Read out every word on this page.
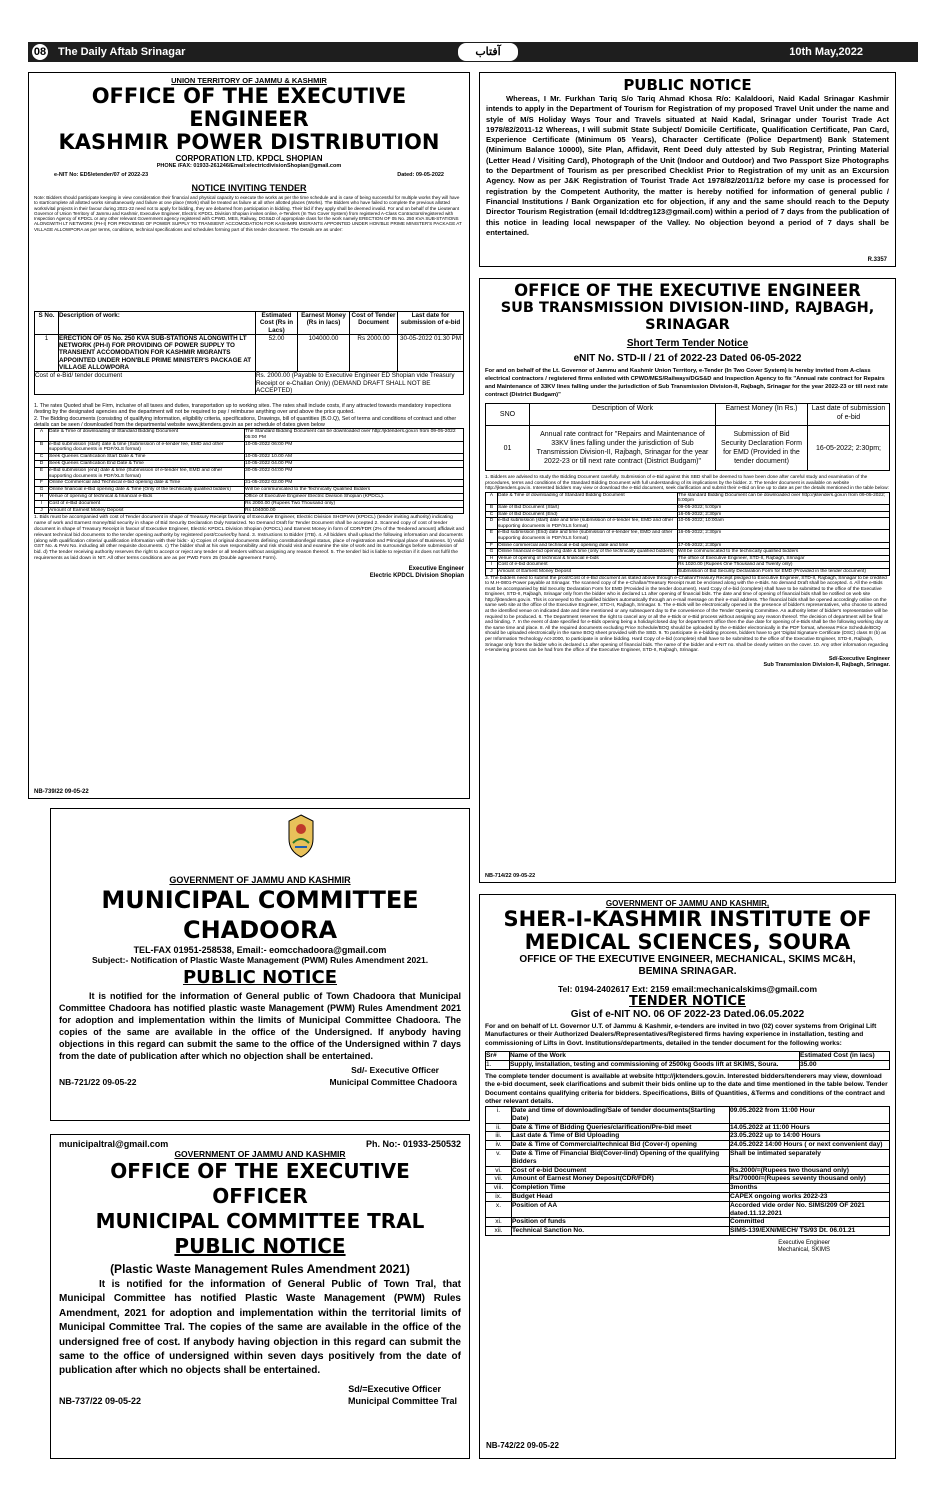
08	The Daily Aftab Srinagar	آفتاب	10th May,2022
UNION TERRITORY OF JAMMU & KASHMIR
OFFICE OF THE EXECUTIVE ENGINEER
KASHMIR POWER DISTRIBUTION
CORPORATION LTD. KPDCL SHOPIAN
PHONE /FAX: 01933-261246/Email:electricdivisionShopian@gmail.com
e-NIT No: ED5/etender/07 of 2022-23	Dated: 09-05-2022
NOTICE INVITING TENDER
Note: Bidders should participate keeping in view consideration their financial and physical capacity to execute the works as per the time schedule and in case of being successful for multiple works they will have to start/complete all allotted works simultaneously and failure at one place (Work) shall be treated as failure at all other allotted places (Works). The Bidders who have failed to complete the previous allotted works/vital projects in their favour during 2021-22 need not to apply for bidding, they are debarred from participation in bidding. Their bid if they apply shall be deemed invalid. For and on behalf of the Lieutenant Governor of Union Territory of Jammu and Kashmir, Executive Engineer, Electric KPDCL Division Shopian invites online, e-Tenders (In Two Cover System) from registered A-Class Contractors/registered with Inspection Agency of KPDCL or any other relevant Government agency registered with CPWD, MES, Railway, DGS&D of appropriate class for the work namely ERECTION OF 05 No. 250 KVA SUB-STATIONS ALONGWITH LT NETWORK (PH-I) FOR PROVIDING OF POWER SUPPLY TO TRANSIENT ACCOMODATION FOR KASHMIRI MIGRANTS APPOINTED UNDER HON'BLE PRIME MINISTER'S PACKAGE AT VILLAGE ALLOWPORA as per terms, conditions, technical specifications and schedules forming part of this tender document. The Details are as under:
S No.	Description of work:	Estimated Cost (Rs in Lacs)	Earnest Money (Rs in lacs)	Cost of Tender Document	Last date for submission of e-bid
1	ERECTION OF 05 No. 250 KVA SUB-STATIONS ALONGWITH LT NETWORK (PH-I) FOR PROVIDING OF POWER SUPPLY TO TRANSIENT ACCOMODATION FOR KASHMIR MIGRANTS APPOINTED UNDER HON'BLE PRIME MINISTER'S PACKAGE AT VILLAGE ALLOWPORA	52.00	104000.00	Rs 2000.00	30-05-2022 01.30 PM
Cost of e-Bid/ tender document		Rs. 2000.00 (Payable to Executive Engineer ED Shopian vide Treasury Receipt or e-Challan Only) (DEMAND DRAFT SHALL NOT BE ACCEPTED)			
1. The rates Quoted shall be Firm, inclusive of all taxes and duties, transportation up to working sites. The rates shall include costs, if any attracted towards mandatory inspections /testing by the designated agencies and the department will not be required to pay / reimburse anything over and above the price quoted.
2. The Bidding documents (consisting of qualifying information, eligibility criteria, specifications, Drawings, bill of quantities (B.O.Q), Set of terms and conditions of contract and other details can be seen / downloaded from the departmental website www.jktenders.gov.in as per schedule of dates given below
A	Date & Time of downloading of Standard Bidding Document	The Standard Bidding Document can be downloaded over http://jktenders.gov.in from 09-05-2022 05:00 PM
B	e-Bid submission (start) date & time (Submission of e-tender fee, EMD and other supporting documents in PDF/XLS format)	10-05-2022 06:00 PM
C	Seek Queries Clarification Start Date & Time	10-05-2022 10.00 AM
D	Seek Queries Clarification End Date & Time	10-05-2022 04.00 PM
E	e-Bid submission (end) date & time (Submission of e-tender fee, EMD and other supporting documents in PDF/XLS format)	30-05-2022 04:00 PM
F	Online Commercial and Technical e-bid opening date & Time	31-05-2022 02.00 PM
G	Online financial e-Bid opening date & Time (Only of the technically qualified bidders)	Will be communicated to the Technically Qualified Bidders
H	Venue of opening of technical & financial e-Bids	Office of Executive Engineer Electric Division Shopian (KPDCL).
I	Cost of e-Bid document	Rs 2000.00 (Rupees Two Thousand only)
J	Amount of Earnest Money Deposit	Rs 104000.00
1. Bids must be accompanied with cost of Tender document in shape of Treasury Receipt favoring of Executive Engineer, Electric Division SHOPIAN (KPDCL) (tender inviting authority) indicating name of work and Earnest money/Bid security in shape of Bid Security Declaration Duly Notarized. No Demand Draft for Tender Document shall be accepted 2. Scanned copy of cost of tender document in shape of Treasury Receipt in favour of Executive Engineer, Electric KPDCL Division Shopian (KPDCL) and Earnest Money in form of CDR/FDR (2% of the Tendered amount) affidavit and relevant technical bid documents to the tender opening authority by registered post/Courier/by hand. 3. Instructions to Bidder (ITB). 4. All bidders shall upload the following information and documents (along with qualification criteria/ qualification information with their bids:- a) Copies of original documents defining constitution/legal status, place of registration and Principal place of Business. b) Valid GST No. & PAN No. including all other requisite documents. c) The bidder shall at his own responsibility and risk should visit and examine the site of work and its surroundings before submission of bid. d) The tender receiving authority reserves the right to accept or reject any tender or all tenders without assigning any reason thereof. 5. The tender/ bid is liable to rejection if it does not fulfil the requirements as laid down in NIT. All other terms conditions are as per PWD Form 25 (Double agreement Form).
Executive Engineer
Electric KPDCL Division Shopian
NB-739/22 09-05-22
PUBLIC NOTICE
Whereas, I Mr. Furkhan Tariq S/o Tariq Ahmad Khosa R/o: Kalaldoori, Naid Kadal Srinagar Kashmir intends to apply in the Department of Tourism for Registration of my proposed Travel Unit under the name and style of M/S Holiday Ways Tour and Travels situated at Naid Kadal, Srinagar under Tourist Trade Act 1978/82/2011-12 Whereas, I will submit State Subject/ Domicile Certificate, Qualification Certificate, Pan Card, Experience Certificate (Minimum 05 Years), Character Certificate (Police Department) Bank Statement (Minimum Balance 10000), Site Plan, Affidavit, Rent Deed duly attested by Sub Registrar, Printing Material (Letter Head / Visiting Card), Photograph of the Unit (Indoor and Outdoor) and Two Passport Size Photographs to the Department of Tourism as per prescribed Checklist Prior to Registration of my unit as an Excursion Agency. Now as per J&K Registration of Tourist Trade Act 1978/82/2011/12 before my case is processed for registration by the Competent Authority, the matter is hereby notified for information of general public / Financial Institutions / Bank Organization etc for objection, if any and the same should reach to the Deputy Director Tourism Registration (email Id:ddtreg123@gmail.com) within a period of 7 days from the publication of this notice in leading local newspaper of the Valley. No objection beyond a period of 7 days shall be entertained.
R.3357
OFFICE OF THE EXECUTIVE ENGINEER
SUB TRANSMISSION DIVISION-IIND, RAJBAGH, SRINAGAR
Short Term Tender Notice
eNIT No. STD-II / 21 of 2022-23 Dated 06-05-2022
For and on behalf of the Lt. Governor of Jammu and Kashmir Union Territory, e-Tender (In Two Cover System) is hereby invited from A-class electrical contractors / registered firms enlisted with CPWD/MES/Railways/DGS&D and Inspection Agency to fix "Annual rate contract for Repairs and Maintenance of 33KV lines falling under the jurisdiction of Sub Transmission Division-II, Rajbagh, Srinagar for the year 2022-23 or till next rate contract (District Budgam)"
SNO	Description of Work	Earnest Money (In Rs.)	Last date of submission of e-bid
01	Annual rate contract for "Repairs and Maintenance of 33KV lines falling under the jurisdiction of Sub Transmission Division-II, Rajbagh, Srinagar for the year 2022-23 or till next rate contract (District Budgam)"	Submission of Bid Security Declaration Form for EMD (Provided in the tender document)	16-05-2022; 2:30pm;
1. Bidders are advised to study the Bidding Document carefully. Submission of e-Bid against this SBD shall be deemed to have been done after careful study and examination of the procedures, terms and conditions of the Standard Bidding Document with full understanding of its implications by the bidder. 2. The tender document is available on website http://jktenders.gov.in. Interested bidders may view or download the e-Bid document, seek clarification and submit their e-Bid on line up to date as per the details mentioned in the table below:
A	Date & Time of downloading of Standard Bidding Document	The standard Bidding Document can be downloaded over http://jktenders.gov.in from 09-05-2022; 5:00pm
B	Sale of Bid Document (Start)	09-05-2022; 5:00pm
C	Sale of Bid Document (End)	16-05-2022; 2:30pm
D	e-Bid submission (start) date and time (submission of e-tender fee, EMD and other supporting documents in PDF/XLS format)	10-05-2022; 10:00am
E	e-Bid submission (End) date and time (submission of e-tender fee, EMD and other supporting documents in PDF/XLS format)	16-05-2022; 2:30pm
F	Online commercial and technical e-bid opening date and time	17-05-2022; 2:30pm
G	Online financial e-bid opening date & time (only of the technically qualified bidders)	Will be communicated to the technically qualified bidders
H	Venue of opening of technical & financial e-bids	The office of Executive Engineer, STD-II, Rajbagh, Srinagar
I	Cost of e-bid document	Rs 1020.00 (Rupees One Thousand and Twenty only)
J	Amount of Earnest Money Deposit	Submission of Bid Security Declaration Form for EMD (Provided in the tender document)
3. The bidders need to submit the proof/Cost of e-Bid document as stated above through e-Challan/Treasury Receipt pledged to Executive Engineer, STD-II, Rajbagh, Srinagar to be credited to M.H-0801-Power payable at Srinagar. The scanned copy of the e-Challan/Treasury Receipt must be enclosed along with the e-Bids. No demand Draft shall be accepted. 4. All the e-Bids must be accompanied by Bid Security Declaration Form for EMD (Provided in the tender document). Hard Copy of e-bid (complete) shall have to be submitted to the office of the Executive Engineer, STD-II, Rajbagh, Srinagar only from the bidder who is declared L1 after opening of financial bids. The date and time of opening of financial bids shall be notified on web site http://jktenders.gov.in. This is conveyed to the qualified bidders automatically through an e-mail message on their e-mail address. The financial bids shall be opened accordingly online on the same web site at the office of the Executive Engineer, STD-II, Rajbagh, Srinagar. 5. The e-Bids will be electronically opened in the presence of bidder's representatives, who choose to attend at the identified venue on indicated date and time mentioned or any subsequent day to the convenience of the Tender Opening Committee. An authority letter of bidder's representative will be required to be produced. 6. The Department reserves the right to cancel any or all the e-Bids or e-Bid process without assigning any reason thereof. The decision of department will be final and binding. 7. In the event of date specified for e-Bids opening being a holiday/closed day for department's office then the due date for opening of e-Bids shall be the following working day at the same time and place. 8. All the required documents excluding Price Schedule/BOQ should be uploaded by the e-Bidder electronically in the PDF format, whereas Price Schedule/BOQ should be uploaded electronically in the same BOQ sheet provided with the SBD. 9. To participate in e-bidding process, bidders have to get 'Digital Signature Certificate (DSC) class III (b) as per Information Technology Act-2000, to participate in online bidding. Hard Copy of e-bid (complete) shall have to be submitted to the office of the Executive Engineer, STD-II, Rajbagh, Srinagar only from the bidder who is declared L1 after opening of financial bids. The name of the bidder and e-NIT no. shall be clearly written on the cover. 10. Any other information regarding e-tendering process can be had from the office of the Executive Engineer, STD-II, Rajbagh, Srinagar.
Sd/-Executive Engineer
Sub Transmission Division-II, Rajbagh, Srinagar.
NB-714/22 09-05-22
GOVERNMENT OF JAMMU AND KASHMIR
MUNICIPAL COMMITTEE CHADOORA
TEL-FAX 01951-258538, Email:- eomcchadoora@gmail.com
Subject:- Notification of Plastic Waste Management (PWM) Rules Amendment 2021.
PUBLIC NOTICE
It is notified for the information of General public of Town Chadoora that Municipal Committee Chadoora has notified plastic waste Management (PWM) Rules Amendment 2021 for adoption and implementation within the limits of Municipal Committee Chadoora. The copies of the same are available in the office of the Undersigned. If anybody having objections in this regard can submit the same to the office of the Undersigned within 7 days from the date of publication after which no objection shall be entertained.
Sd/- Executive Officer
NB-721/22 09-05-22	Municipal Committee Chadoora
municipaltral@gmail.com	Ph. No:- 01933-250532
GOVERNMENT OF JAMMU AND KASHMIR
OFFICE OF THE EXECUTIVE OFFICER
MUNICIPAL COMMITTEE TRAL
PUBLIC NOTICE
(Plastic Waste Management Rules Amendment 2021)
It is notified for the information of General Public of Town Tral, that Municipal Committee has notified Plastic Waste Management (PWM) Rules Amendment, 2021 for adoption and implementation within the territorial limits of Municipal Committee Tral. The copies of the same are available in the office of the undersigned free of cost. If anybody having objection in this regard can submit the same to the office of undersigned within seven days positively from the date of publication after which no objects shall be entertained.
Sd/=Executive Officer
NB-737/22 09-05-22	Municipal Committee Tral
GOVERNMENT OF JAMMU AND KASHMIR,
SHER-I-KASHMIR INSTITUTE OF
MEDICAL SCIENCES, SOURA
OFFICE OF THE EXECUTIVE ENGINEER, MECHANICAL, SKIMS MC&H,
BEMINA SRINAGAR.
Tel: 0194-2402617 Ext: 2159 email:mechanicalskims@gmail.com
TENDER NOTICE
Gist of e-NIT NO. 06 OF 2022-23 Dated.06.05.2022
For and on behalf of Lt. Governor U.T. of Jammu & Kashmir, e-tenders are invited in two (02) cover systems from Original Lift Manufactures or their Authorized Dealers/Representatives/Registered firms having experience in installation, testing and commissioning of Lifts in Govt. Institutions/departments, detailed in the tender document for the following works:
Sr#	Name of the Work	Estimated Cost (in lacs)
1.	Supply, installation, testing and commissioning of 2500kg Goods lift at SKIMS, Soura.	35.00
The complete tender document is available at website http://jktenders.gov.in. Interested bidders/tenderers may view, download the e-bid document, seek clarifications and submit their bids online up to the date and time mentioned in the table below. Tender Document contains qualifying criteria for bidders. Specifications, Bills of Quantities, &Terms and conditions of the contract and other relevant details.
i.	Date and time of downloading/Sale of tender documents(Starting Date)	09.05.2022 from 11:00 Hour
ii.	Date & Time of Bidding Queries/clarification/Pre-bid meet	14.05.2022 at 11:00 Hours
iii.	Last date & Time of Bid Uploading	23.05.2022 up to 14:00 Hours
iv.	Date & Time of Commercial/technical Bid (Cover-I) opening	24.05.2022 14:00 Hours ( or next convenient day)
v.	Date & Time of Financial Bid(Cover-lind) Opening of the qualifying Bidders	Shall be intimated separately
vi.	Cost of e-bid Document	Rs.2000/=(Rupees two thousand only)
vii.	Amount of Earnest Money Deposit(CDR/FDR)	Rs/70000/=(Rupees seventy thousand only)
viii.	Completion Time	3months
ix.	Budget Head	CAPEX ongoing works 2022-23
x.	Position of AA	Accorded vide order No. SIMS/209 OF 2021 dated.11.12.2021
xi.	Position of funds	Committed
xii.	Technical Sanction No.	SIMS-139/EXN/MECH/ TS/93 Dt. 06.01.21
Executive Engineer
Mechanical, SKIMS
NB-742/22 09-05-22
